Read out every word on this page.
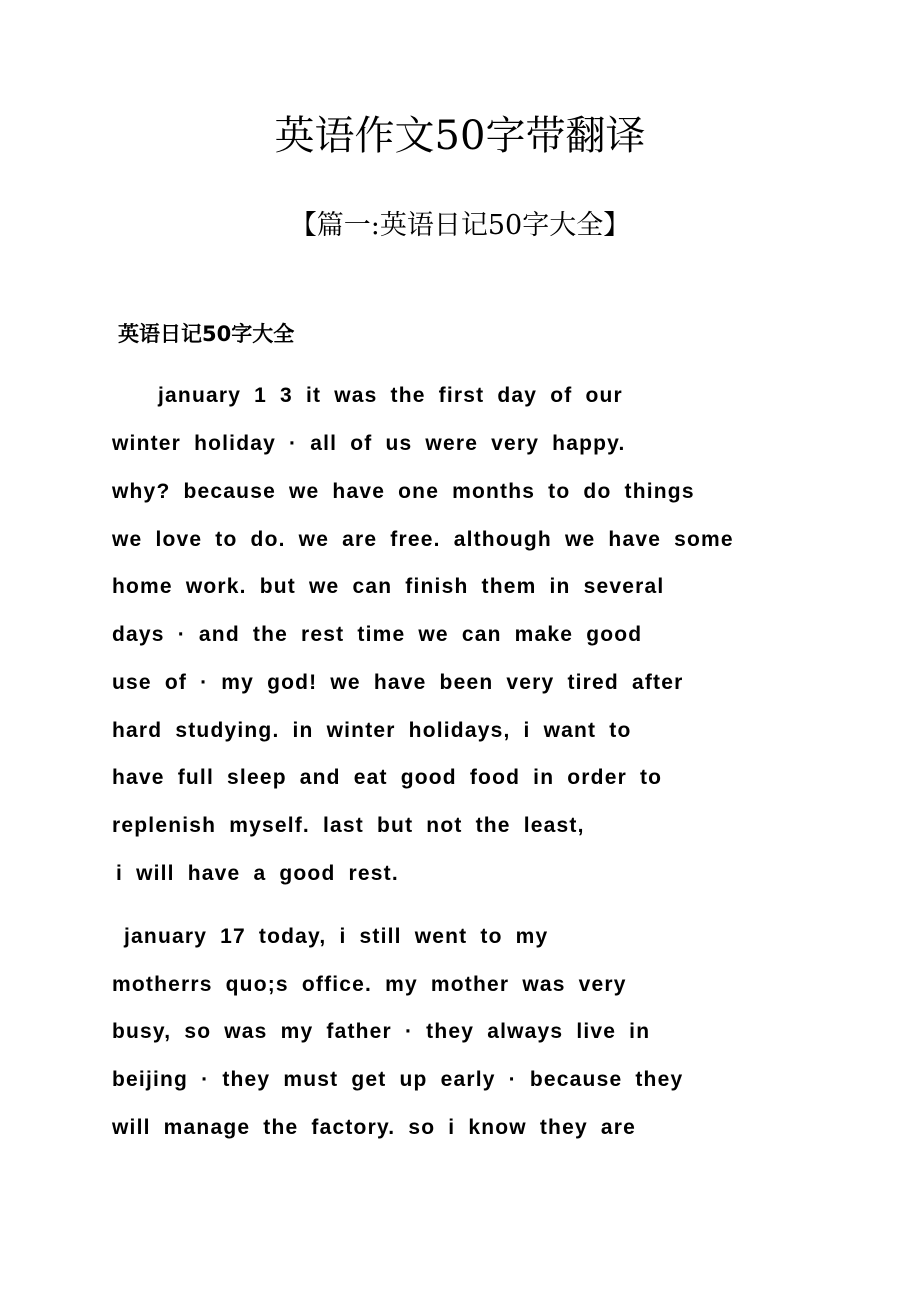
英语作文50字带翻译
【篇一:英语日记50字大全】
英语日记50字大全
january 1 3 it was the first day of our
winter holiday · all of us were very happy.
why? because we have one months to do things
we love to do. we are free. although we have some
home work. but we can finish them in several
days · and the rest time we can make good
use of · my god! we have been very tired after
hard studying. in winter holidays, i want to
have full sleep and eat good food in order to
replenish myself. last but not the least,
i will have a good rest.
january 17 today, i still went to my
motherrs quo;s office. my mother was very
busy, so was my father · they always live in
beijing · they must get up early · because they
will manage the factory. so i know they are
